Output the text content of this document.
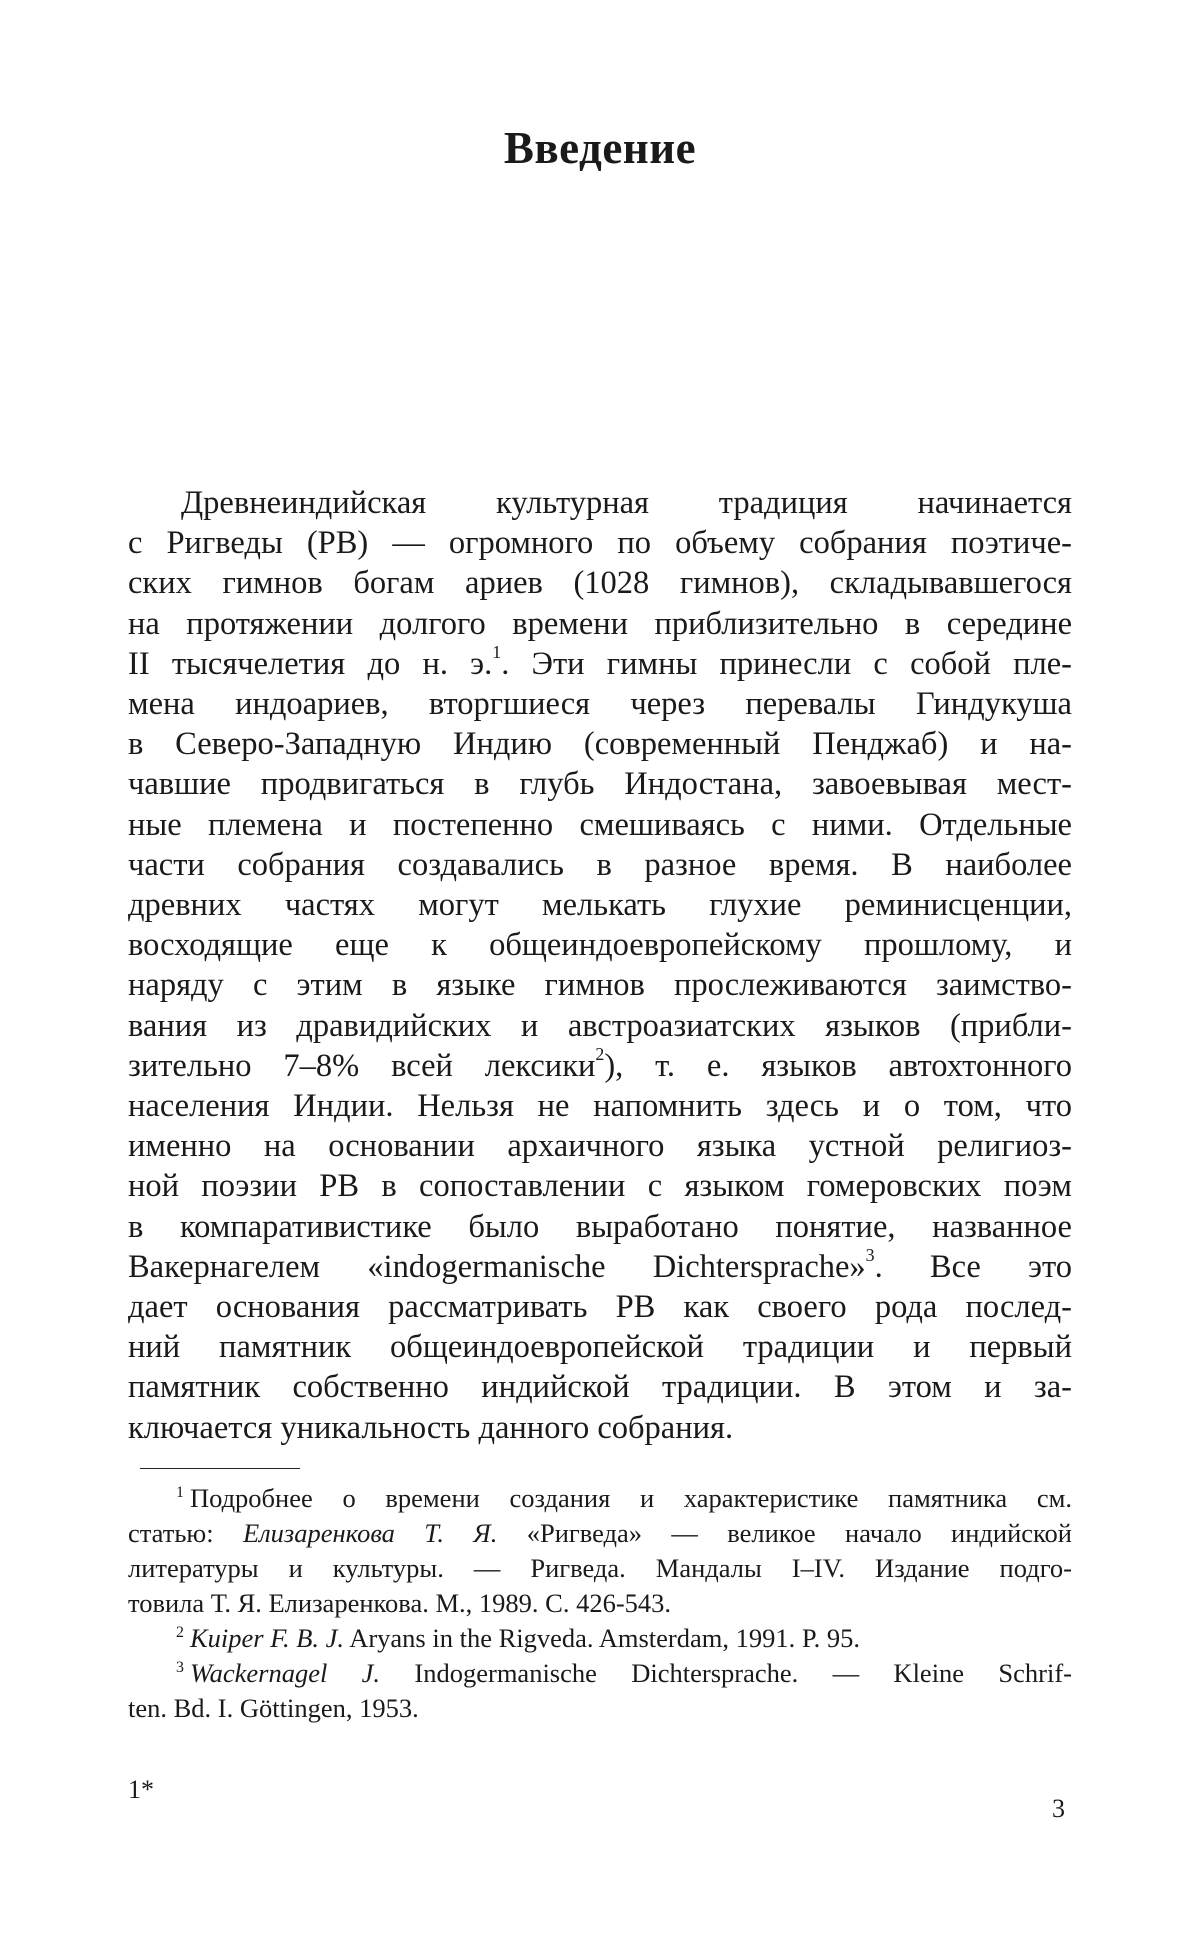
Введение
Древнеиндийская культурная традиция начинается
с Ригведы (РВ) — огромного по объему собрания поэтиче-
ских гимнов богам ариев (1028 гимнов), складывавшегося
на протяжении долгого времени приблизительно в середине
II тысячелетия до н. э.$^1$. Эти гимны принесли с собой пле-
мена индоариев, вторгшиеся через перевалы Гиндукуша
в Северо-Западную Индию (современный Пенджаб) и на-
чавшие продвигаться в глубь Индостана, завоевывая мест-
ные племена и постепенно смешиваясь с ними. Отдельные
части собрания создавались в разное время. В наиболее
древних частях могут мелькать глухие реминисценции,
восходящие еще к общеиндоевропейскому прошлому, и
наряду с этим в языке гимнов прослеживаются заимство-
вания из дравидийских и австроазиатских языков (прибли-
зительно 7–8% всей лексики$^2$), т. е. языков автохтонного
населения Индии. Нельзя не напомнить здесь и о том, что
именно на основании архаичного языка устной религиоз-
ной поэзии РВ в сопоставлении с языком гомеровских поэм
в компаративистике было выработано понятие, названное
Вакернагелем «indogermanische Dichtersprache»$^3$. Все это
дает основания рассматривать РВ как своего рода послед-
ний памятник общеиндоевропейской традиции и первый
памятник собственно индийской традиции. В этом и за-
ключается уникальность данного собрания.
$^1$ Подробнее о времени создания и характеристике памятника см.
статью: Елизаренкова Т. Я. «Ригведа» — великое начало индийской
литературы и культуры. — Ригведа. Мандалы I–IV. Издание подго-
товила Т. Я. Елизаренкова. М., 1989. С. 426-543.
$^2$ Kuiper F. B. J. Aryans in the Rigveda. Amsterdam, 1991. P. 95.
$^3$ Wackernagel J. Indogermanische Dichtersprache. — Kleine Schrif-
ten. Bd. I. Göttingen, 1953.
1*
3
